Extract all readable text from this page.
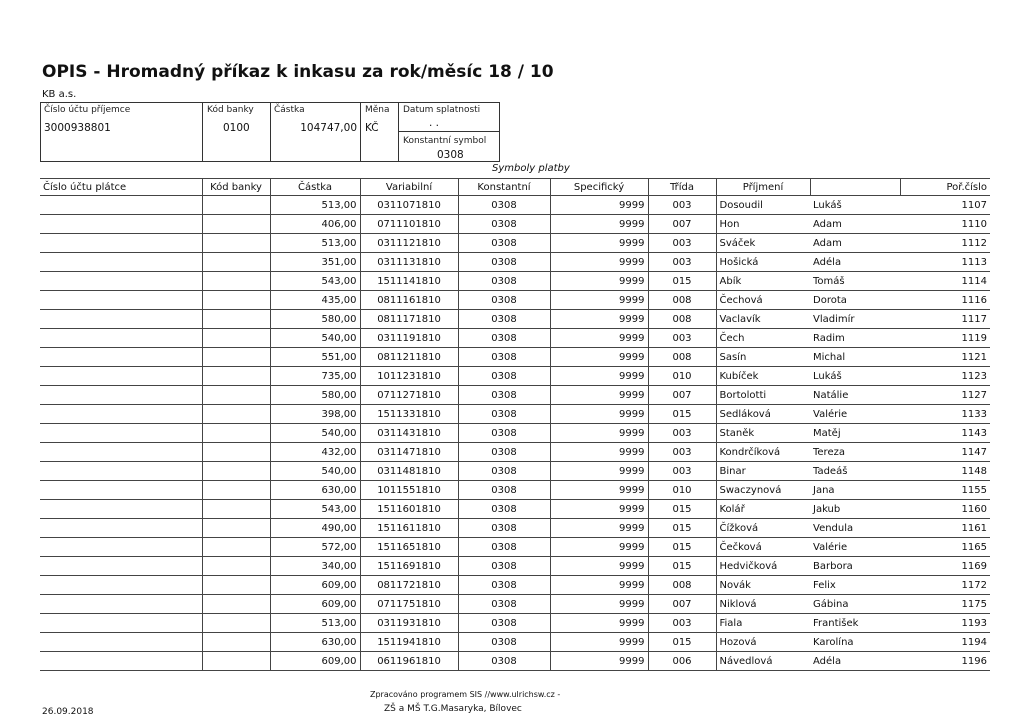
OPIS - Hromadný příkaz k inkasu za rok/měsíc 18 / 10
KB a.s.
Číslo účtu příjemce
3000938801
Kód banky
0100
Částka
104747,00
Měna
KČ
Datum splatnosti
. .
Konstantní symbol
0308
Symboly platby
Číslo účtu plátce	Kód banky	Částka	Variabilní	Konstantní	Specifický	Třída	Příjmení		Poř.číslo
		513,00	0311071810	0308	9999	003	Dosoudil	Lukáš	1107
		406,00	0711101810	0308	9999	007	Hon	Adam	1110
		513,00	0311121810	0308	9999	003	Sváček	Adam	1112
		351,00	0311131810	0308	9999	003	Hošická	Adéla	1113
		543,00	1511141810	0308	9999	015	Abík	Tomáš	1114
		435,00	0811161810	0308	9999	008	Čechová	Dorota	1116
		580,00	0811171810	0308	9999	008	Vaclavík	Vladimír	1117
		540,00	0311191810	0308	9999	003	Čech	Radim	1119
		551,00	0811211810	0308	9999	008	Sasín	Michal	1121
		735,00	1011231810	0308	9999	010	Kubíček	Lukáš	1123
		580,00	0711271810	0308	9999	007	Bortolotti	Natálie	1127
		398,00	1511331810	0308	9999	015	Sedláková	Valérie	1133
		540,00	0311431810	0308	9999	003	Staněk	Matěj	1143
		432,00	0311471810	0308	9999	003	Kondrčíková	Tereza	1147
		540,00	0311481810	0308	9999	003	Binar	Tadeáš	1148
		630,00	1011551810	0308	9999	010	Swaczynová	Jana	1155
		543,00	1511601810	0308	9999	015	Kolář	Jakub	1160
		490,00	1511611810	0308	9999	015	Čížková	Vendula	1161
		572,00	1511651810	0308	9999	015	Čečková	Valérie	1165
		340,00	1511691810	0308	9999	015	Hedvičková	Barbora	1169
		609,00	0811721810	0308	9999	008	Novák	Felix	1172
		609,00	0711751810	0308	9999	007	Niklová	Gábina	1175
		513,00	0311931810	0308	9999	003	Fiala	František	1193
		630,00	1511941810	0308	9999	015	Hozová	Karolína	1194
		609,00	0611961810	0308	9999	006	Návedlová	Adéla	1196
Zpracováno programem SIS //www.ulrichsw.cz -
ZŠ a MŠ T.G.Masaryka, Bílovec
26.09.2018
